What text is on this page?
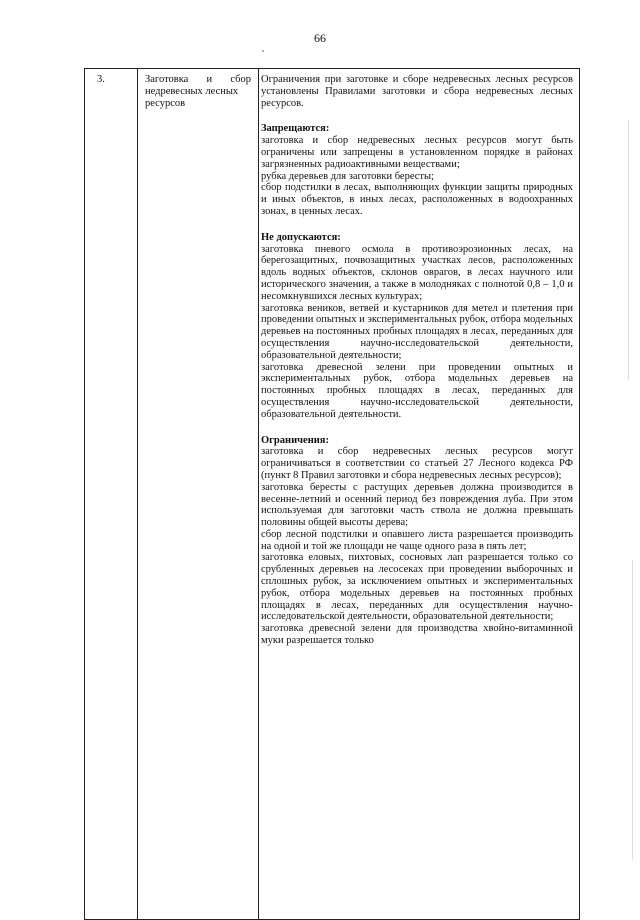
66
3.	Заготовка и сбор
недревесных лесных
ресурсов

Ограничения при заготовке и сборе недревесных лесных ресурсов установлены Правилами заготовки и сбора недревесных лесных ресурсов.

Запрещаются:

заготовка и сбор недревесных лесных ресурсов могут быть ограничены или запрещены в установленном порядке в районах загрязненных радиоактивными веществами;

рубка деревьев для заготовки бересты;

сбор подстилки в лесах, выполняющих функции защиты природных и иных объектов, в иных лесах, расположенных в водоохранных зонах, в ценных лесах.

Не допускаются:

заготовка пневого осмола в противоэрозионных лесах, на берегозащитных, почвозащитных участках лесов, расположенных вдоль водных объектов, склонов оврагов, в лесах научного или исторического значения, а также в молодняках с полнотой 0,8 – 1,0 и несомкнувшихся лесных культурах;

заготовка веников, ветвей и кустарников для метел и плетения при проведении опытных и экспериментальных рубок, отбора модельных деревьев на постоянных пробных площадях в лесах, переданных для осуществления научно-исследовательской деятельности, образовательной деятельности;

заготовка древесной зелени при проведении опытных и экспериментальных рубок, отбора модельных деревьев на постоянных пробных площадях в лесах, переданных для осуществления научно-исследовательской деятельности, образовательной деятельности.

Ограничения:

заготовка и сбор недревесных лесных ресурсов могут ограничиваться в соответствии со статьей 27 Лесного кодекса РФ (пункт 8 Правил заготовки и сбора недревесных лесных ресурсов);

заготовка бересты с растущих деревьев должна производится в весенне-летний и осенний период без повреждения луба. При этом используемая для заготовки часть ствола не должна превышать половины общей высоты дерева;

сбор лесной подстилки и опавшего листа разрешается производить на одной и той же площади не чаще одного раза в пять лет;

заготовка еловых, пихтовых, сосновых лап разрешается только со срубленных деревьев на лесосеках при проведении выборочных и сплошных рубок, за исключением опытных и экспериментальных рубок, отбора модельных деревьев на постоянных пробных площадях в лесах, переданных для осуществления научно-исследовательской деятельности, образовательной деятельности;

заготовка древесной зелени для производства хвойно-витаминной муки разрешается только
